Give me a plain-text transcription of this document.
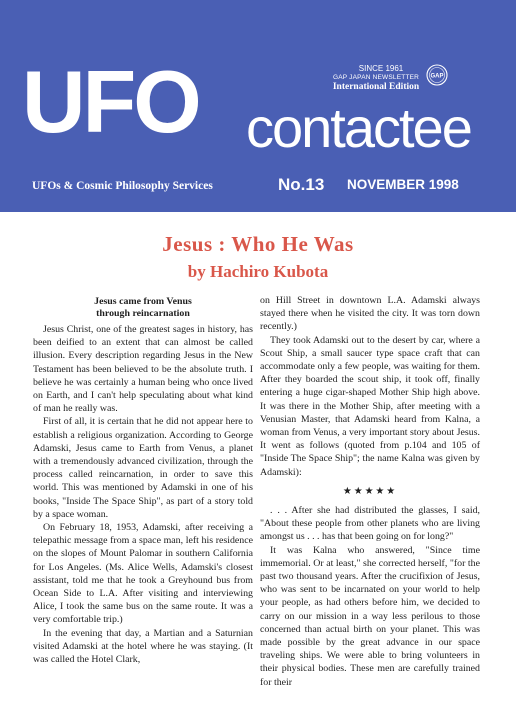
UFO contactee
SINCE 1961
GAP JAPAN NEWSLETTER
International Edition
GAP
UFOs & Cosmic Philosophy Services	No.13 NOVEMBER 1998
Jesus : Who He Was
by Hachiro Kubota
Jesus came from Venus
through reincarnation

Jesus Christ, one of the greatest sages in history, has been deified to an extent that can almost be called illusion. Every description regarding Jesus in the New Testament has been believed to be the absolute truth. I believe he was certainly a human being who once lived on Earth, and I can't help speculating about what kind of man he really was.

First of all, it is certain that he did not appear here to establish a religious organization. According to George Adamski, Jesus came to Earth from Venus, a planet with a tremendously advanced civilization, through the process called reincarnation, in order to save this world. This was mentioned by Adamski in one of his books, "Inside The Space Ship", as part of a story told by a space woman.

On February 18, 1953, Adamski, after receiving a telepathic message from a space man, left his residence on the slopes of Mount Palomar in southern California for Los Angeles. (Ms. Alice Wells, Adamski's closest assistant, told me that he took a Greyhound bus from Ocean Side to L.A. After visiting and interviewing Alice, I took the same bus on the same route. It was a very comfortable trip.)

In the evening that day, a Martian and a Saturnian visited Adamski at the hotel where he was staying. (It was called the Hotel Clark,

on Hill Street in downtown L.A. Adamski always stayed there when he visited the city. It was torn down recently.)

They took Adamski out to the desert by car, where a Scout Ship, a small saucer type space craft that can accommodate only a few people, was waiting for them. After they boarded the scout ship, it took off, finally entering a huge cigar-shaped Mother Ship high above. It was there in the Mother Ship, after meeting with a Venusian Master, that Adamski heard from Kalna, a woman from Venus, a very important story about Jesus. It went as follows (quoted from p.104 and 105 of "Inside The Space Ship"; the name Kalna was given by Adamski):

★★★★★

. . . After she had distributed the glasses, I said, "About these people from other planets who are living amongst us . . . has that been going on for long?"

It was Kalna who answered, "Since time immemorial. Or at least," she corrected herself, "for the past two thousand years. After the crucifixion of Jesus, who was sent to be incarnated on your world to help your people, as had others before him, we decided to carry on our mission in a way less perilous to those concerned than actual birth on your planet. This was made possible by the great advance in our space traveling ships. We were able to bring volunteers in their physical bodies. These men are carefully trained for their
